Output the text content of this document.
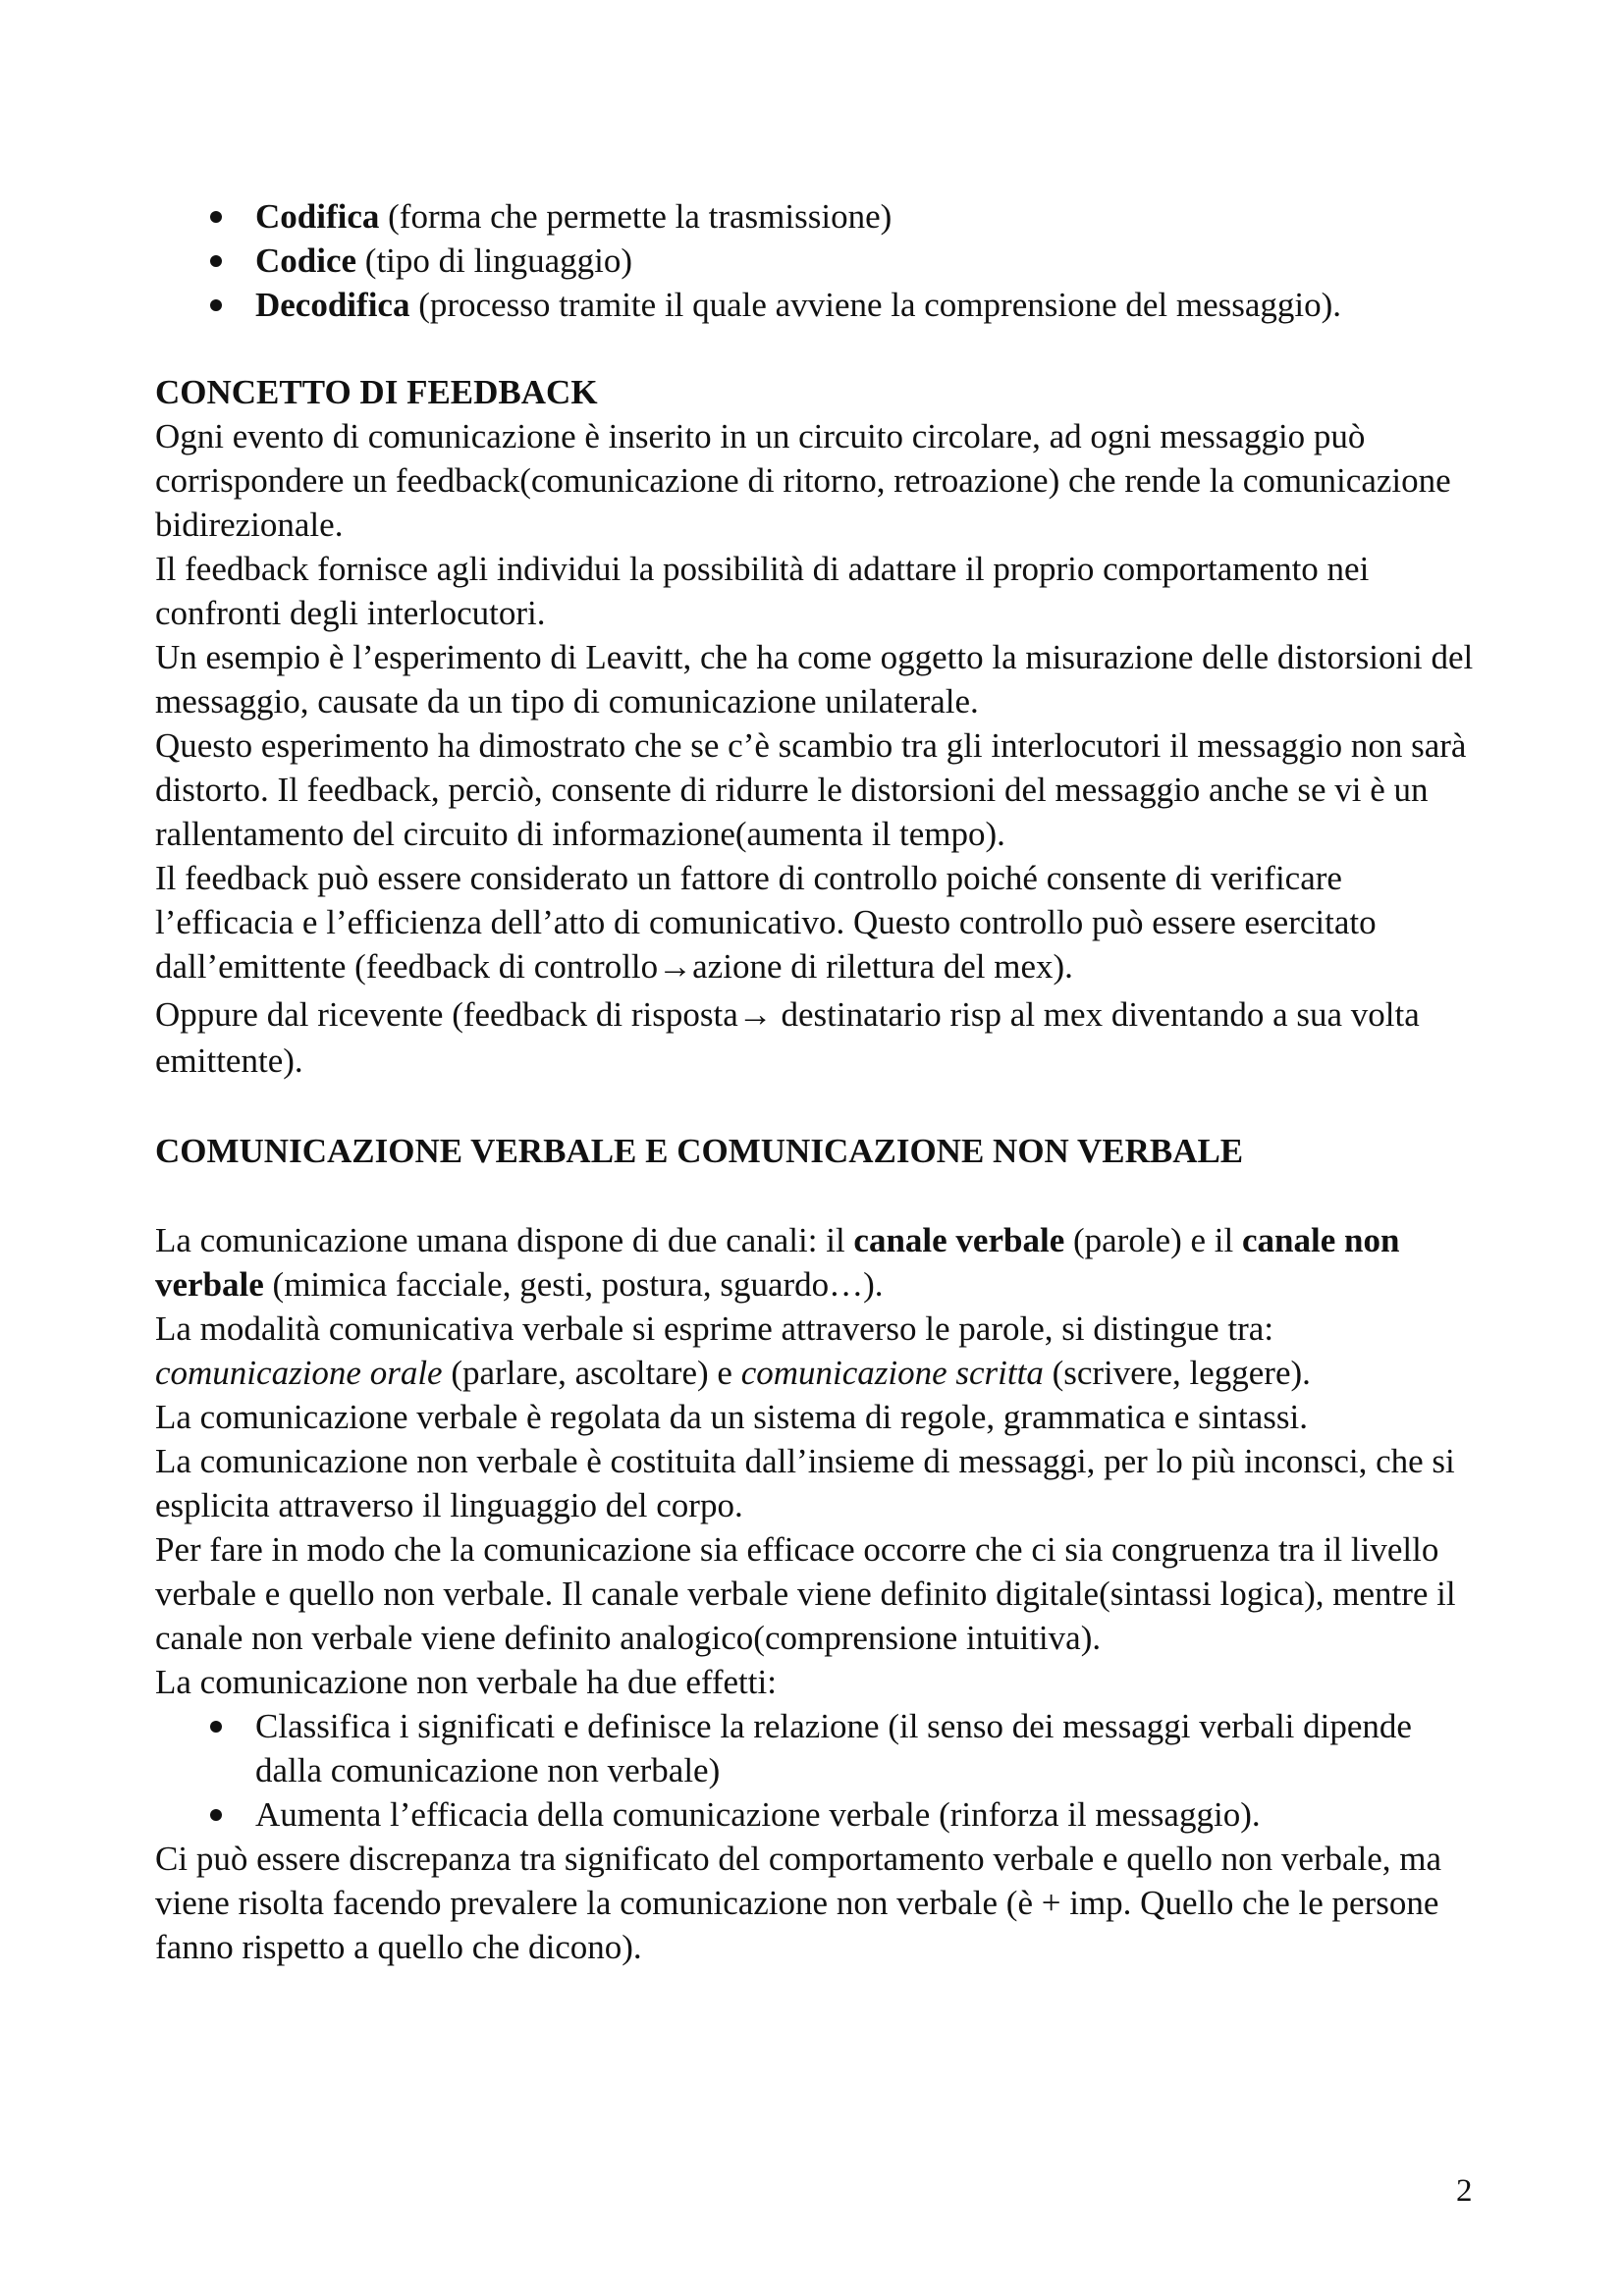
Codifica (forma che permette la trasmissione)
Codice (tipo di linguaggio)
Decodifica (processo tramite il quale avviene la comprensione del messaggio).

CONCETTO DI FEEDBACK

Ogni evento di comunicazione è inserito in un circuito circolare, ad ogni messaggio può corrispondere un feedback(comunicazione di ritorno, retroazione) che rende la comunicazione bidirezionale.

Il feedback fornisce agli individui la possibilità di adattare il proprio comportamento nei confronti degli interlocutori.

Un esempio è l’esperimento di Leavitt, che ha come oggetto la misurazione delle distorsioni del messaggio, causate da un tipo di comunicazione unilaterale.

Questo esperimento ha dimostrato che se c’è scambio tra gli interlocutori il messaggio non sarà distorto. Il feedback, perciò, consente di ridurre le distorsioni del messaggio anche se vi è un rallentamento del circuito di informazione(aumenta il tempo).

Il feedback può essere considerato un fattore di controllo poiché consente di verificare l’efficacia e l’efficienza dell’atto di comunicativo. Questo controllo può essere esercitato dall’emittente (feedback di controllo→azione di rilettura del mex).

Oppure dal ricevente (feedback di risposta→ destinatario risp al mex diventando a sua volta emittente).

COMUNICAZIONE VERBALE E COMUNICAZIONE NON VERBALE

La comunicazione umana dispone di due canali: il canale verbale (parole) e il canale non verbale (mimica facciale, gesti, postura, sguardo…).

La modalità comunicativa verbale si esprime attraverso le parole, si distingue tra: comunicazione orale (parlare, ascoltare) e comunicazione scritta (scrivere, leggere).

La comunicazione verbale è regolata da un sistema di regole, grammatica e sintassi.

La comunicazione non verbale è costituita dall’insieme di messaggi, per lo più inconsci, che si esplicita attraverso il linguaggio del corpo.

Per fare in modo che la comunicazione sia efficace occorre che ci sia congruenza tra il livello verbale e quello non verbale. Il canale verbale viene definito digitale(sintassi logica), mentre il canale non verbale viene definito analogico(comprensione intuitiva).

La comunicazione non verbale ha due effetti:

Classifica i significati e definisce la relazione (il senso dei messaggi verbali dipende dalla comunicazione non verbale)
Aumenta l’efficacia della comunicazione verbale (rinforza il messaggio).

Ci può essere discrepanza tra significato del comportamento verbale e quello non verbale, ma viene risolta facendo prevalere la comunicazione non verbale (è + imp. Quello che le persone fanno rispetto a quello che dicono).

2
